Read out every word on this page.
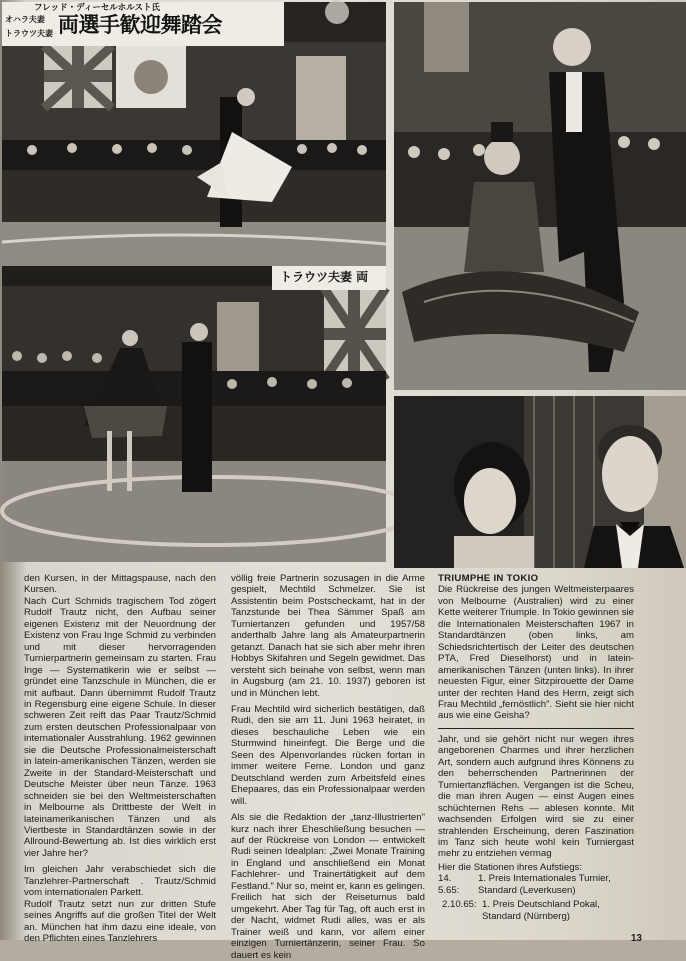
フレッド・ディーセルホルスト氏
オハラ夫妻
トラウツ夫妻 両選手歓迎舞踏会
トラウツ夫妻 両

den Kursen, in der Mittagspause, nach den Kursen.

Nach Curt Schmids tragischem Tod zögert Rudolf Trautz nicht, den Aufbau seiner eigenen Existenz mit der Neuordnung der Existenz von Frau Inge Schmid zu verbinden und mit dieser hervorragenden Turnierpartnerin gemeinsam zu starten. Frau Inge — Systematikerin wie er selbst — gründet eine Tanzschule in München, die er mit aufbaut. Dann übernimmt Rudolf Trautz in Regensburg eine eigene Schule. In dieser schweren Zeit reift das Paar Trautz/Schmid zum ersten deutschen Professionalpaar von internationaler Ausstrahlung. 1962 gewinnen sie die Deutsche Professionalmeisterschaft in latein-amerikanischen Tänzen, werden sie Zweite in der Standard-Meisterschaft und Deutsche Meister über neun Tänze. 1963 schneiden sie bei den Weltmeisterschaften in Melbourne als Drittbeste der Welt in lateinamerikanischen Tänzen und als Viertbeste in Standardtänzen sowie in der Allround-Bewertung ab. Ist dies wirklich erst vier Jahre her?

Im gleichen Jahr verabschiedet sich die Tanzlehrer-Partnerschaft . Trautz/Schmid vom internationalen Parkett.

Rudolf Trautz setzt nun zur dritten Stufe seines Angriffs auf die großen Titel der Welt an. München hat ihm dazu eine ideale, von den Pflichten eines Tanzlehrers

völlig freie Partnerin sozusagen in die Arme gespielt, Mechtild Schmelzer. Sie ist Assistentin beim Postscheckamt, hat in der Tanzstunde bei Thea Sämmer Spaß am Turniertanzen gefunden und 1957/58 anderthalb Jahre lang als Amateurpartnerin getanzt. Danach hat sie sich aber mehr ihren Hobbys Skifahren und Segeln gewidmet. Das versteht sich beinahe von selbst, wenn man in Augsburg (am 21. 10. 1937) geboren ist und in München lebt.

Frau Mechtild wird sicherlich bestätigen, daß Rudi, den sie am 11. Juni 1963 heiratet, in dieses beschauliche Leben wie ein Sturmwind hineinfegt. Die Berge und die Seen des Alpenvorlandes rücken fortan in immer weitere Ferne. London und ganz Deutschland werden zum Arbeitsfeld eines Ehepaares, das ein Professionalpaar werden will.

Als sie die Redaktion der „tanz-Illustrierten" kurz nach ihrer Eheschließung besuchen — auf der Rückreise von London — entwickelt Rudi seinen Idealplan: „Zwei Monate Training in England und anschließend ein Monat Fachlehrer- und Trainertätigkeit auf dem Festland." Nur so, meint er, kann es gelingen. Freilich hat sich der Reiseturnus bald umgekehrt. Aber Tag für Tag, oft auch erst in der Nacht, widmet Rudi alles, was er als Trainer weiß und kann, vor allem einer einzigen Turniertänzerin, seiner Frau. So dauert es kein

TRIUMPHE IN TOKIO

Die Rückreise des jungen Weltmeisterpaares von Melbourne (Australien) wird zu einer Kette weiterer Triumple. In Tokio gewinnen sie die Internationalen Meisterschaften 1967 in Standardtänzen (oben links, am Schiedsrichtertisch der Leiter des deutschen PTA, Fred Dieselhorst) und in latein-amerikanischen Tänzen (unten links). In ihrer neuesten Figur, einer Sitzpirouette der Dame unter der rechten Hand des Herrn, zeigt sich Frau Mechtild „fernöstlich". Sieht sie hier nicht aus wie eine Geisha?

Jahr, und sie gehört nicht nur wegen ihres angeborenen Charmes und ihrer herzlichen Art, sondern auch aufgrund ihres Könnens zu den beherrschenden Partnerinnen der Turniertanzflächen. Vergangen ist die Scheu, die man ihren Augen — einst Augen eines schüchternen Rehs — ablesen konnte. Mit wachsenden Erfolgen wird sie zu einer strahlenden Erscheinung, deren Faszination im Tanz sich heute wohl kein Turniergast mehr zu entziehen vermag

Hier die Stationen ihres Aufstiegs:

14. 5.65:
1. Preis Internationales Turnier,
Standard (Leverkusen)
2.10.65: 1. Preis Deutschland Pokal,
Standard (Nürnberg)
13
